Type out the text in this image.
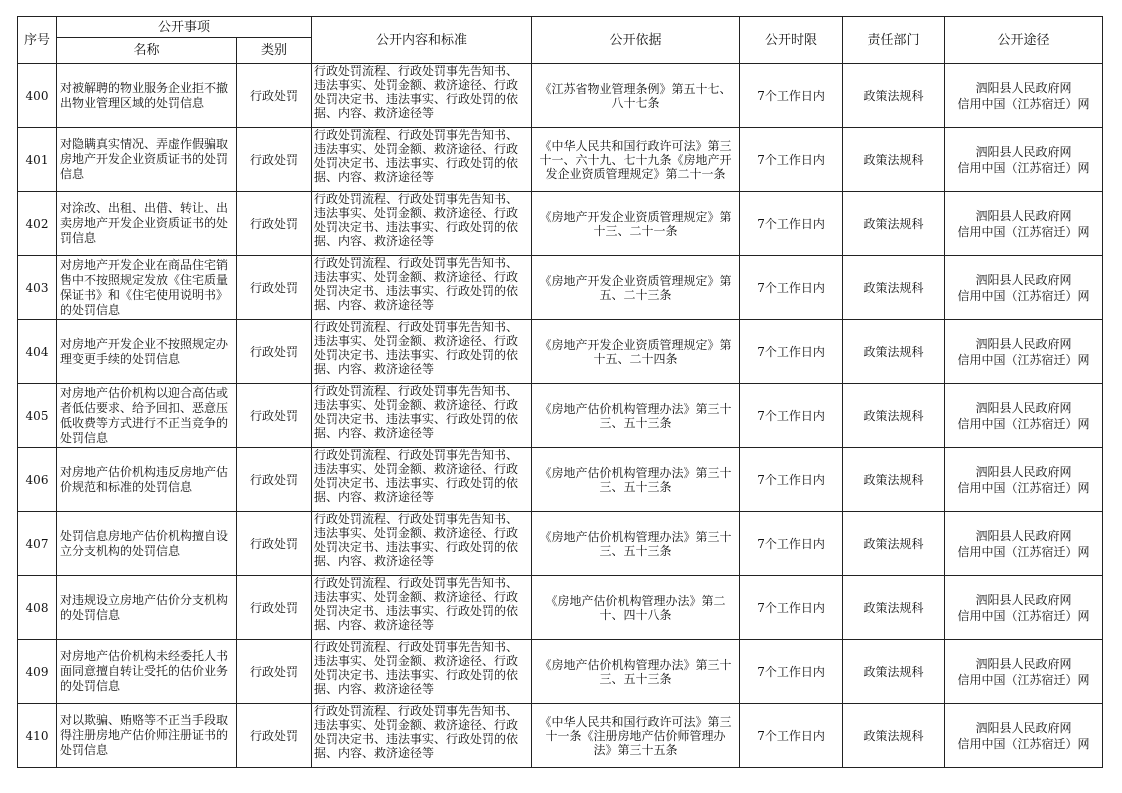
序号	公开事项		公开内容和标准	公开依据	公开时限	责任部门	公开途径
	名称	类别					
400	对被解聘的物业服务企业拒不撤出物业管理区域的处罚信息	行政处罚	行政处罚流程、行政处罚事先告知书、违法事实、处罚金额、救济途径、行政处罚决定书、违法事实、行政处罚的依据、内容、救济途径等	《江苏省物业管理条例》第五十七、八十七条	7个工作日内	政策法规科	泗阳县人民政府网
信用中国（江苏宿迁）网

401	对隐瞒真实情况、弄虚作假骗取房地产开发企业资质证书的处罚信息	行政处罚	行政处罚流程、行政处罚事先告知书、违法事实、处罚金额、救济途径、行政处罚决定书、违法事实、行政处罚的依据、内容、救济途径等	《中华人民共和国行政许可法》第三十一、六十九、七十九条《房地产开发企业资质管理规定》第二十一条	7个工作日内	政策法规科	泗阳县人民政府网
信用中国（江苏宿迁）网

402	对涂改、出租、出借、转让、出卖房地产开发企业资质证书的处罚信息	行政处罚	行政处罚流程、行政处罚事先告知书、违法事实、处罚金额、救济途径、行政处罚决定书、违法事实、行政处罚的依据、内容、救济途径等	《房地产开发企业资质管理规定》第十三、二十一条	7个工作日内	政策法规科	泗阳县人民政府网
信用中国（江苏宿迁）网

403	对房地产开发企业在商品住宅销售中不按照规定发放《住宅质量保证书》和《住宅使用说明书》的处罚信息	行政处罚	行政处罚流程、行政处罚事先告知书、违法事实、处罚金额、救济途径、行政处罚决定书、违法事实、行政处罚的依据、内容、救济途径等	《房地产开发企业资质管理规定》第五、二十三条	7个工作日内	政策法规科	泗阳县人民政府网
信用中国（江苏宿迁）网

404	对房地产开发企业不按照规定办理变更手续的处罚信息	行政处罚	行政处罚流程、行政处罚事先告知书、违法事实、处罚金额、救济途径、行政处罚决定书、违法事实、行政处罚的依据、内容、救济途径等	《房地产开发企业资质管理规定》第十五、二十四条	7个工作日内	政策法规科	泗阳县人民政府网
信用中国（江苏宿迁）网

405	对房地产估价机构以迎合高估或者低估要求、给予回扣、恶意压低收费等方式进行不正当竞争的处罚信息	行政处罚	行政处罚流程、行政处罚事先告知书、违法事实、处罚金额、救济途径、行政处罚决定书、违法事实、行政处罚的依据、内容、救济途径等	《房地产估价机构管理办法》第三十三、五十三条	7个工作日内	政策法规科	泗阳县人民政府网
信用中国（江苏宿迁）网

406	对房地产估价机构违反房地产估价规范和标准的处罚信息	行政处罚	行政处罚流程、行政处罚事先告知书、违法事实、处罚金额、救济途径、行政处罚决定书、违法事实、行政处罚的依据、内容、救济途径等	《房地产估价机构管理办法》第三十三、五十三条	7个工作日内	政策法规科	泗阳县人民政府网
信用中国（江苏宿迁）网

407	处罚信息房地产估价机构擅自设立分支机构的处罚信息	行政处罚	行政处罚流程、行政处罚事先告知书、违法事实、处罚金额、救济途径、行政处罚决定书、违法事实、行政处罚的依据、内容、救济途径等	《房地产估价机构管理办法》第三十三、五十三条	7个工作日内	政策法规科	泗阳县人民政府网
信用中国（江苏宿迁）网

408	对违规设立房地产估价分支机构的处罚信息	行政处罚	行政处罚流程、行政处罚事先告知书、违法事实、处罚金额、救济途径、行政处罚决定书、违法事实、行政处罚的依据、内容、救济途径等	《房地产估价机构管理办法》第二十、四十八条	7个工作日内	政策法规科	泗阳县人民政府网
信用中国（江苏宿迁）网

409	对房地产估价机构未经委托人书面同意擅自转让受托的估价业务的处罚信息	行政处罚	行政处罚流程、行政处罚事先告知书、违法事实、处罚金额、救济途径、行政处罚决定书、违法事实、行政处罚的依据、内容、救济途径等	《房地产估价机构管理办法》第三十三、五十三条	7个工作日内	政策法规科	泗阳县人民政府网
信用中国（江苏宿迁）网

410	对以欺骗、贿赂等不正当手段取得注册房地产估价师注册证书的处罚信息	行政处罚	行政处罚流程、行政处罚事先告知书、违法事实、处罚金额、救济途径、行政处罚决定书、违法事实、行政处罚的依据、内容、救济途径等	《中华人民共和国行政许可法》第三十一条《注册房地产估价师管理办法》第三十五条	7个工作日内	政策法规科	泗阳县人民政府网
信用中国（江苏宿迁）网
